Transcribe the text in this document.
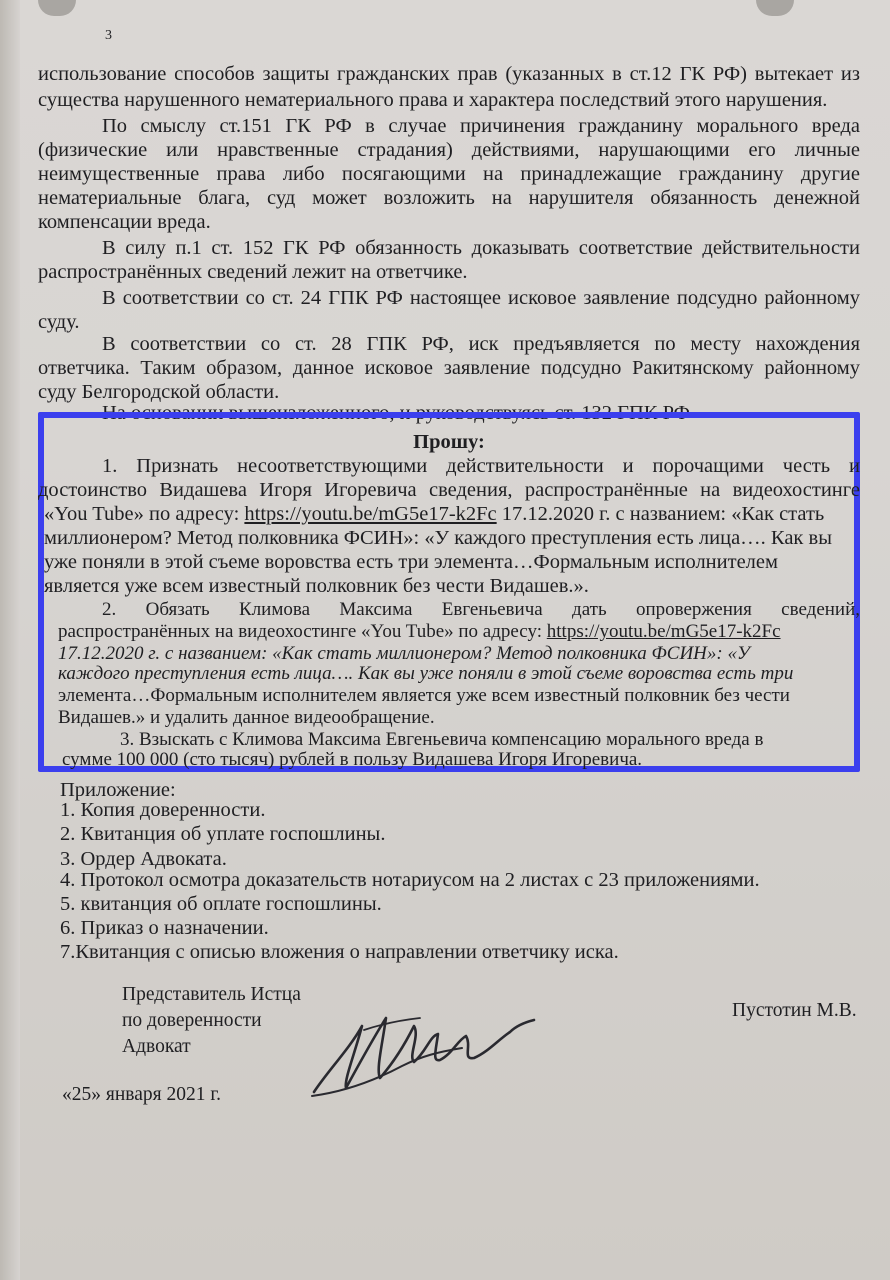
3
использование способов защиты гражданских прав (указанных в ст.12 ГК РФ) вытекает из
существа нарушенного нематериального права и характера последствий этого нарушения.
По смыслу ст.151 ГК РФ в случае причинения гражданину морального вреда
(физические или нравственные страдания) действиями, нарушающими его личные
неимущественные права либо посягающими на принадлежащие гражданину другие
нематериальные блага, суд может возложить на нарушителя обязанность денежной
компенсации вреда.
В силу п.1 ст. 152 ГК РФ обязанность доказывать соответствие действительности
распространённых сведений лежит на ответчике.
В соответствии со ст. 24 ГПК РФ настоящее исковое заявление подсудно районному
суду.
В соответствии со ст. 28 ГПК РФ, иск предъявляется по месту нахождения
ответчика. Таким образом, данное исковое заявление подсудно Ракитянскому районному
суду Белгородской области.
На основании вышеизложенного, и руководствуясь ст. 132 ГПК РФ
Прошу:
1. Признать несоответствующими действительности и порочащими честь и
достоинство Видашева Игоря Игоревича сведения, распространённые на видеохостинге
«You Tube» по адресу: https://youtu.be/mG5e17-k2Fc 17.12.2020 г. с названием: «Как стать
миллионером? Метод полковника ФСИН»: «У каждого преступления есть лица…. Как вы
уже поняли в этой съеме воровства есть три элемента…Формальным исполнителем
является уже всем известный полковник без чести Видашев.».
2. Обязать Климова Максима Евгеньевича дать опровержения сведений,
распространённых на видеохостинге «You Tube» по адресу: https://youtu.be/mG5e17-k2Fc
17.12.2020 г. с названием: «Как стать миллионером? Метод полковника ФСИН»: «У
каждого преступления есть лица…. Как вы уже поняли в этой съеме воровства есть три
элемента…Формальным исполнителем является уже всем известный полковник без чести
Видашев.» и удалить данное видеообращение.
3. Взыскать с Климова Максима Евгеньевича компенсацию морального вреда в
сумме 100 000 (сто тысяч) рублей в пользу Видашева Игоря Игоревича.
Приложение:
1. Копия доверенности.
2. Квитанция об уплате госпошлины.
3. Ордер Адвоката.
4. Протокол осмотра доказательств нотариусом на 2 листах с 23 приложениями.
5. квитанция об оплате госпошлины.
6. Приказ о назначении.
7.Квитанция с описью вложения о направлении ответчику иска.
Представитель Истца
по доверенности
Адвокат
Пустотин М.В.
«25» января 2021 г.
